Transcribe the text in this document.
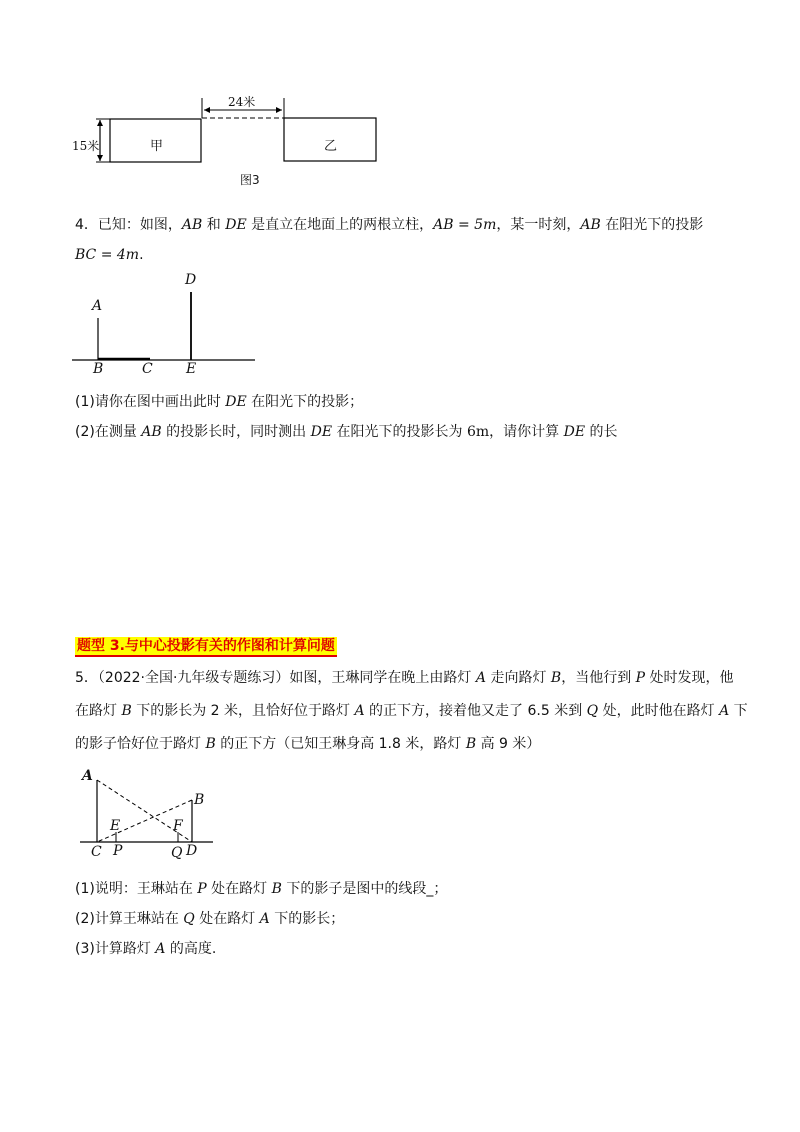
24米
15米	甲	乙
图3
4．已知：如图，AB 和 DE 是直立在地面上的两根立柱，AB = 5m，某一时刻，AB 在阳光下的投影
BC = 4m.
A
B	C
D
E
(1)请你在图中画出此时 DE 在阳光下的投影；
(2)在测量 AB 的投影长时，同时测出 DE 在阳光下的投影长为 6m，请你计算 DE 的长
题型 3.与中心投影有关的作图和计算问题
5．（2022·全国·九年级专题练习）如图，王琳同学在晚上由路灯 A 走向路灯 B，当他行到 P 处时发现，他
在路灯 B 下的影长为 2 米，且恰好位于路灯 A 的正下方，接着他又走了 6.5 米到 Q 处，此时他在路灯 A 下
的影子恰好位于路灯 B 的正下方（已知王琳身高 1.8 米，路灯 B 高 9 米）
A
B
C P	Q D
E	F
(1)说明：王琳站在 P 处在路灯 B 下的影子是图中的线段_；
(2)计算王琳站在 Q 处在路灯 A 下的影长；
(3)计算路灯 A 的高度.
